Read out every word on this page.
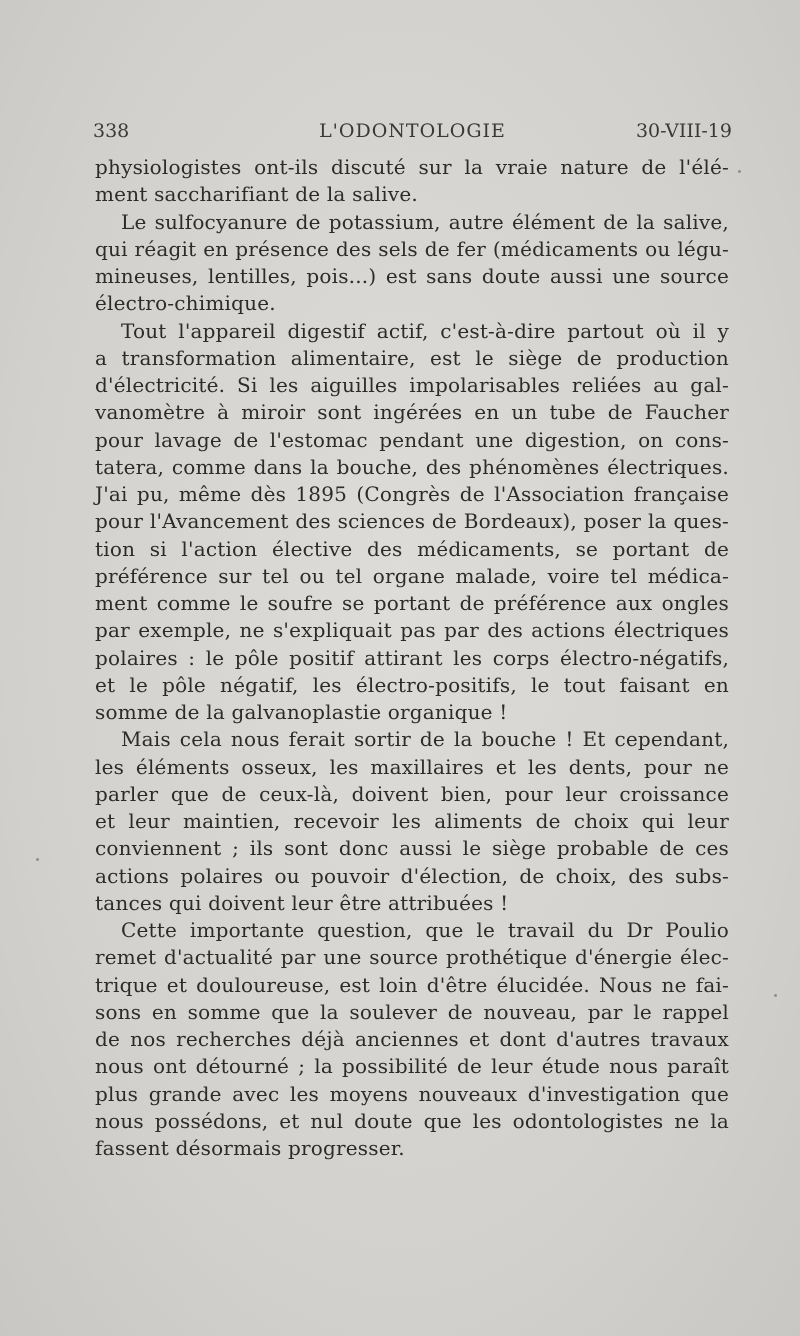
338	L'ODONTOLOGIE	30-VIII-19
physiologistes ont-ils discuté sur la vraie nature de l'élé-
ment saccharifiant de la salive.
Le sulfocyanure de potassium, autre élément de la salive,
qui réagit en présence des sels de fer (médicaments ou légu-
mineuses, lentilles, pois...) est sans doute aussi une source
électro-chimique.
Tout l'appareil digestif actif, c'est-à-dire partout où il y
a transformation alimentaire, est le siège de production
d'électricité. Si les aiguilles impolarisables reliées au gal-
vanomètre à miroir sont ingérées en un tube de Faucher
pour lavage de l'estomac pendant une digestion, on cons-
tatera, comme dans la bouche, des phénomènes électriques.
J'ai pu, même dès 1895 (Congrès de l'Association française
pour l'Avancement des sciences de Bordeaux), poser la ques-
tion si l'action élective des médicaments, se portant de
préférence sur tel ou tel organe malade, voire tel médica-
ment comme le soufre se portant de préférence aux ongles
par exemple, ne s'expliquait pas par des actions électriques
polaires : le pôle positif attirant les corps électro-négatifs,
et le pôle négatif, les électro-positifs, le tout faisant en
somme de la galvanoplastie organique !
Mais cela nous ferait sortir de la bouche ! Et cependant,
les éléments osseux, les maxillaires et les dents, pour ne
parler que de ceux-là, doivent bien, pour leur croissance
et leur maintien, recevoir les aliments de choix qui leur
conviennent ; ils sont donc aussi le siège probable de ces
actions polaires ou pouvoir d'élection, de choix, des subs-
tances qui doivent leur être attribuées !
Cette importante question, que le travail du Dr Poulio
remet d'actualité par une source prothétique d'énergie élec-
trique et douloureuse, est loin d'être élucidée. Nous ne fai-
sons en somme que la soulever de nouveau, par le rappel
de nos recherches déjà anciennes et dont d'autres travaux
nous ont détourné ; la possibilité de leur étude nous paraît
plus grande avec les moyens nouveaux d'investigation que
nous possédons, et nul doute que les odontologistes ne la
fassent désormais progresser.
